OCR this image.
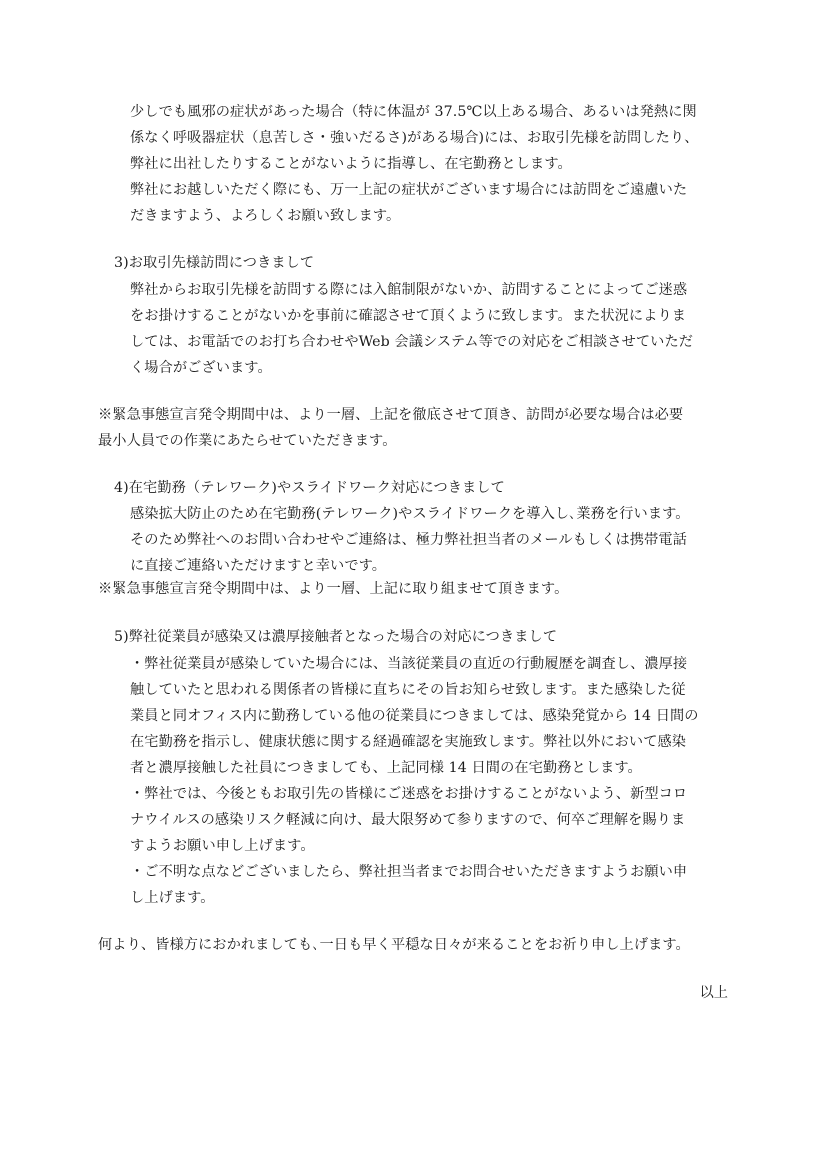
少しでも風邪の症状があった場合（特に体温が 37.5℃以上ある場合、あるいは発熱に関
係なく呼吸器症状（息苦しさ・強いだるさ)がある場合)には、お取引先様を訪問したり、
弊社に出社したりすることがないように指導し、在宅勤務とします。
弊社にお越しいただく際にも、万一上記の症状がございます場合には訪問をご遠慮いた
だきますよう、よろしくお願い致します。
3)お取引先様訪問につきまして
弊社からお取引先様を訪問する際には入館制限がないか、訪問することによってご迷惑
をお掛けすることがないかを事前に確認させて頂くように致します。また状況によりま
しては、お電話でのお打ち合わせやWeb 会議システム等での対応をご相談させていただ
く場合がございます。
※緊急事態宣言発令期間中は、より一層、上記を徹底させて頂き、訪問が必要な場合は必要
最小人員での作業にあたらせていただきます。
4)在宅勤務（テレワーク)やスライドワーク対応につきまして
感染拡大防止のため在宅勤務(テレワーク)やスライドワークを導入し､業務を行います。
そのため弊社へのお問い合わせやご連絡は、極力弊社担当者のメールもしくは携帯電話
に直接ご連絡いただけますと幸いです。
※緊急事態宣言発令期間中は、より一層、上記に取り組ませて頂きます。
5)弊社従業員が感染又は濃厚接触者となった場合の対応につきまして
・弊社従業員が感染していた場合には、当該従業員の直近の行動履歴を調査し、濃厚接
触していたと思われる関係者の皆様に直ちにその旨お知らせ致します。また感染した従
業員と同オフィス内に勤務している他の従業員につきましては、感染発覚から 14 日間の
在宅勤務を指示し、健康状態に関する経過確認を実施致します。弊社以外において感染
者と濃厚接触した社員につきましても、上記同様 14 日間の在宅勤務とします。
・弊社では、今後ともお取引先の皆様にご迷惑をお掛けすることがないよう、新型コロ
ナウイルスの感染リスク軽減に向け、最大限努めて参りますので、何卒ご理解を賜りま
すようお願い申し上げます。
・ご不明な点などございましたら、弊社担当者までお問合せいただきますようお願い申
し上げます。
何より、皆様方におかれましても､一日も早く平穏な日々が来ることをお祈り申し上げます。
以上
